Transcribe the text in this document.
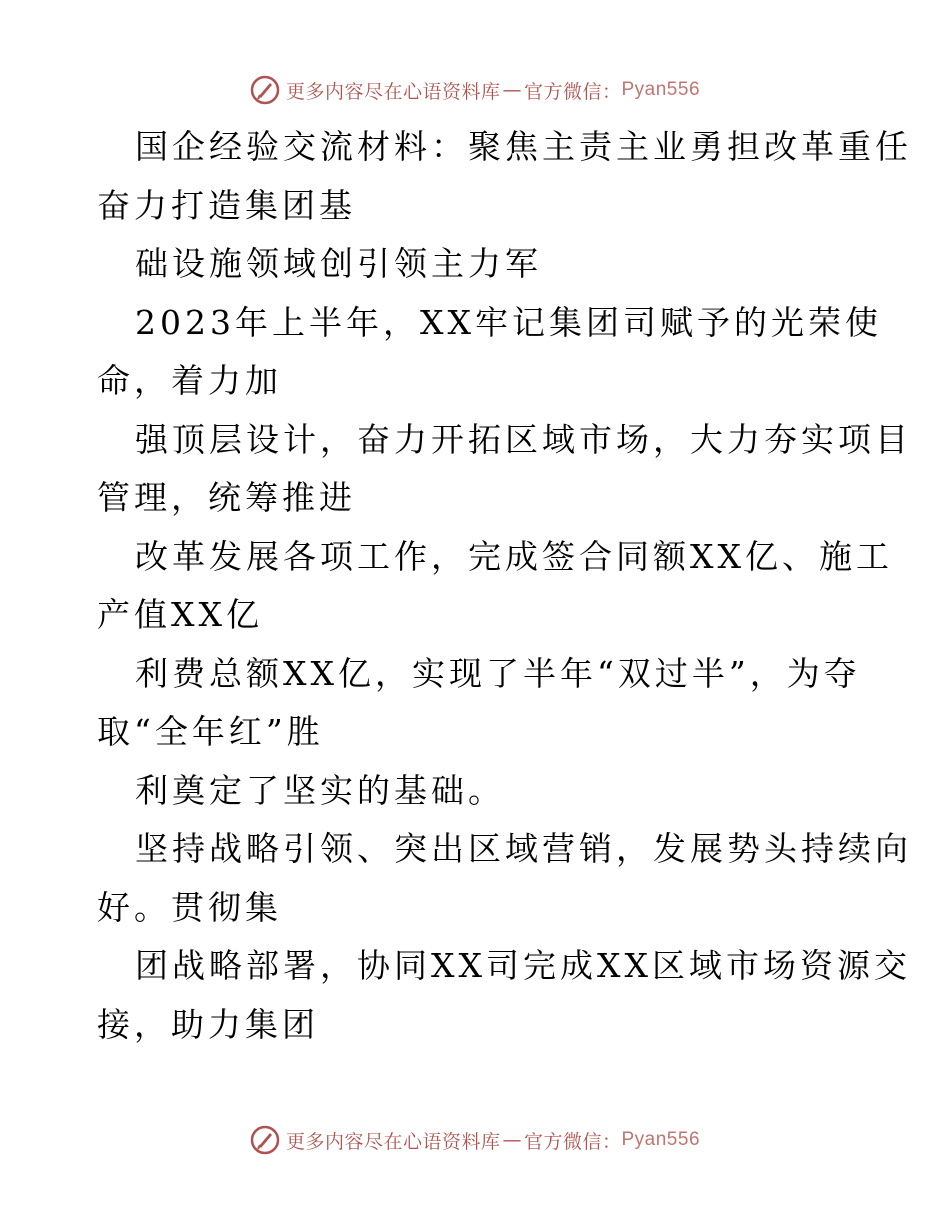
更多内容尽在心语资料库 — 官方微信： Pyan556
国企经验交流材料：聚焦主责主业勇担改革重任
奋力打造集团基
础设施领域创引领主力军
2023年上半年，XX牢记集团司赋予的光荣使
命，着力加
强顶层设计，奋力开拓区域市场，大力夯实项目
管理，统筹推进
改革发展各项工作，完成签合同额XX亿、施工
产值XX亿
利费总额XX亿，实现了半年“双过半”，为夺
取“全年红”胜
利奠定了坚实的基础。
坚持战略引领、突出区域营销，发展势头持续向
好。贯彻集
团战略部署，协同XX司完成XX区域市场资源交
接，助力集团
更多内容尽在心语资料库 — 官方微信： Pyan556
